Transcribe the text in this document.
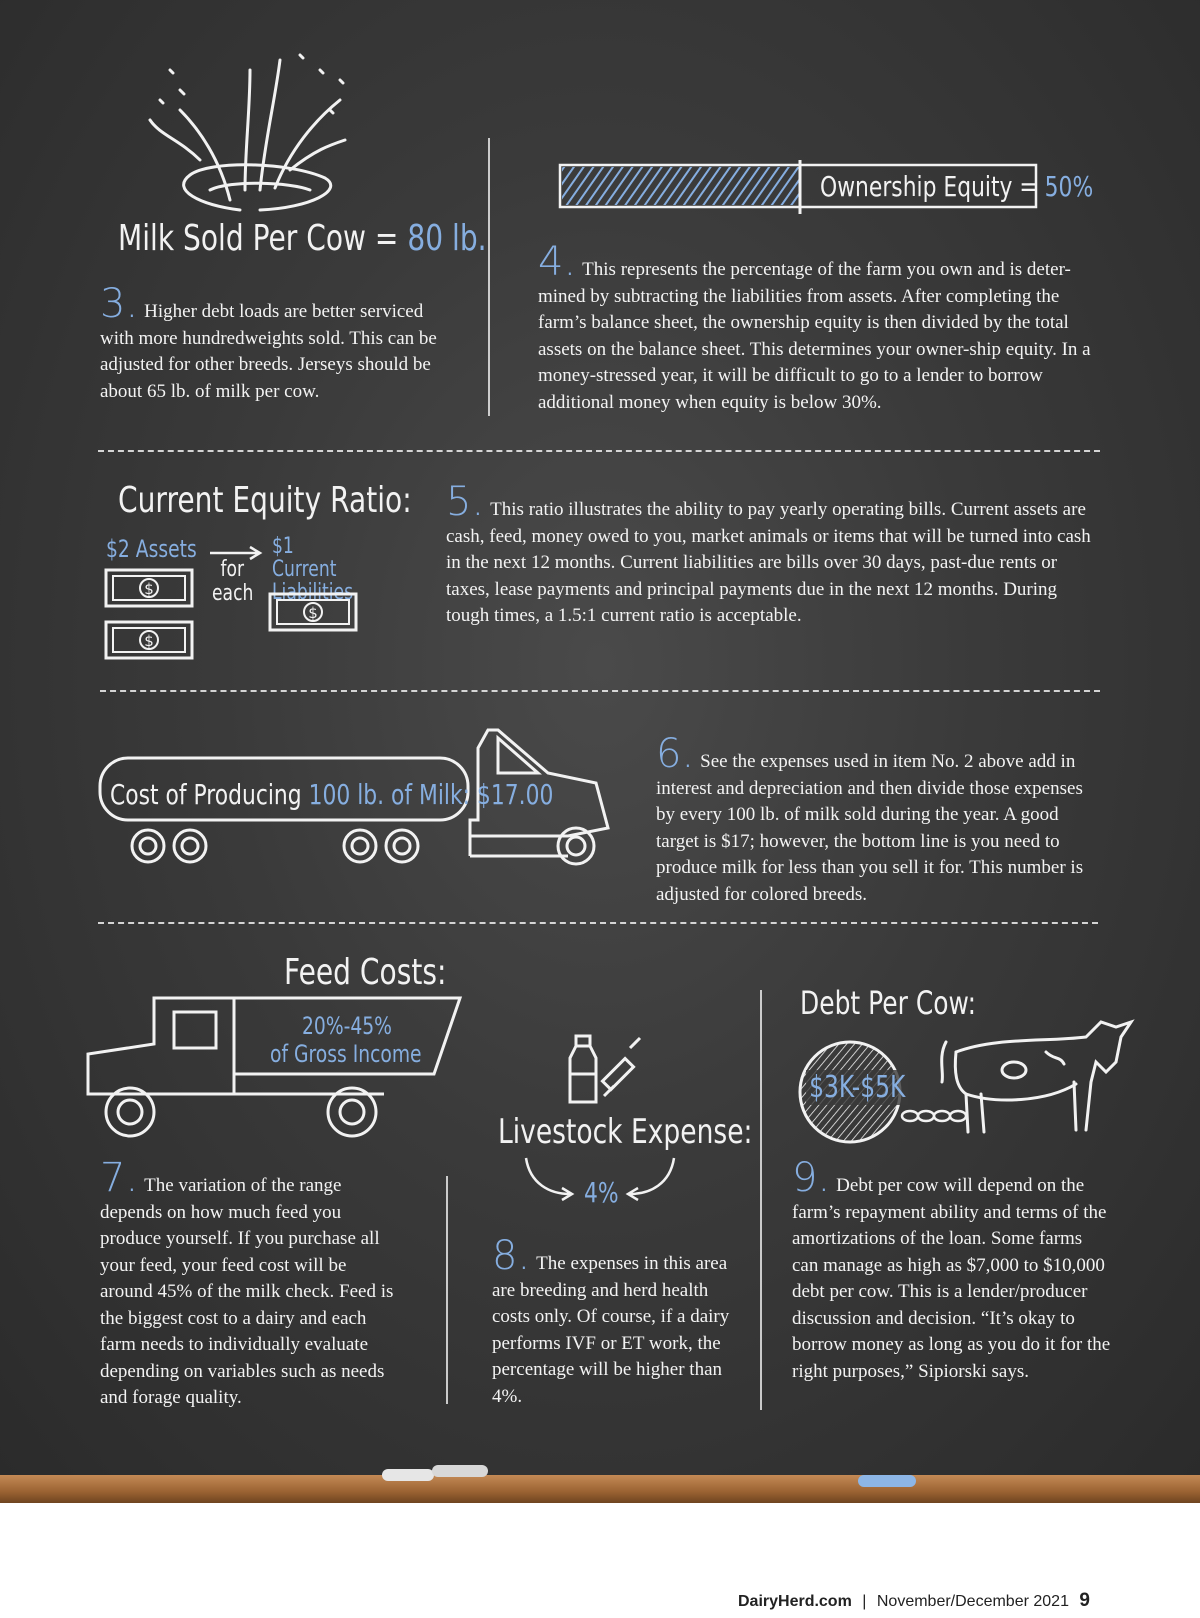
Milk Sold Per Cow = 80 lb.
3. Higher debt loads are better serviced with more hundredweights sold. This can be adjusted for other breeds. Jerseys should be about 65 lb. of milk per cow.
Ownership Equity = 50%
4. This represents the percentage of the farm you own and is deter-mined by subtracting the liabilities from assets. After completing the farm’s balance sheet, the ownership equity is then divided by the total assets on the balance sheet. This determines your owner-ship equity. In a money-stressed year, it will be difficult to go to a lender to borrow additional money when equity is below 30%.
Current Equity Ratio:
$2 Assets
for each
$1 Current Liabilities
$
$
$
5. This ratio illustrates the ability to pay yearly operating bills. Current assets are cash, feed, money owed to you, market animals or items that will be turned into cash in the next 12 months. Current liabilities are bills over 30 days, past-due rents or taxes, lease payments and principal payments due in the next 12 months. During tough times, a 1.5:1 current ratio is acceptable.
Cost of Producing 100 lb. of Milk: $17.00
6. See the expenses used in item No. 2 above add in interest and depreciation and then divide those expenses by every 100 lb. of milk sold during the year. A good target is $17; however, the bottom line is you need to produce milk for less than you sell it for. This number is adjusted for colored breeds.
Feed Costs:
20%-45%
of Gross Income
7. The variation of the range depends on how much feed you produce yourself. If you purchase all your feed, your feed cost will be around 45% of the milk check. Feed is the biggest cost to a dairy and each farm needs to individually evaluate depending on variables such as needs and forage quality.
Livestock Expense:
4%
8. The expenses in this area are breeding and herd health costs only. Of course, if a dairy performs IVF or ET work, the percentage will be higher than 4%.
Debt Per Cow:
$3K-$5K
9. Debt per cow will depend on the farm’s repayment ability and terms of the amortizations of the loan. Some farms can manage as high as $7,000 to $10,000 debt per cow. This is a lender/producer discussion and decision. “It’s okay to borrow money as long as you do it for the right purposes,” Sipiorski says.
DairyHerd.com | November/December 2021 9
